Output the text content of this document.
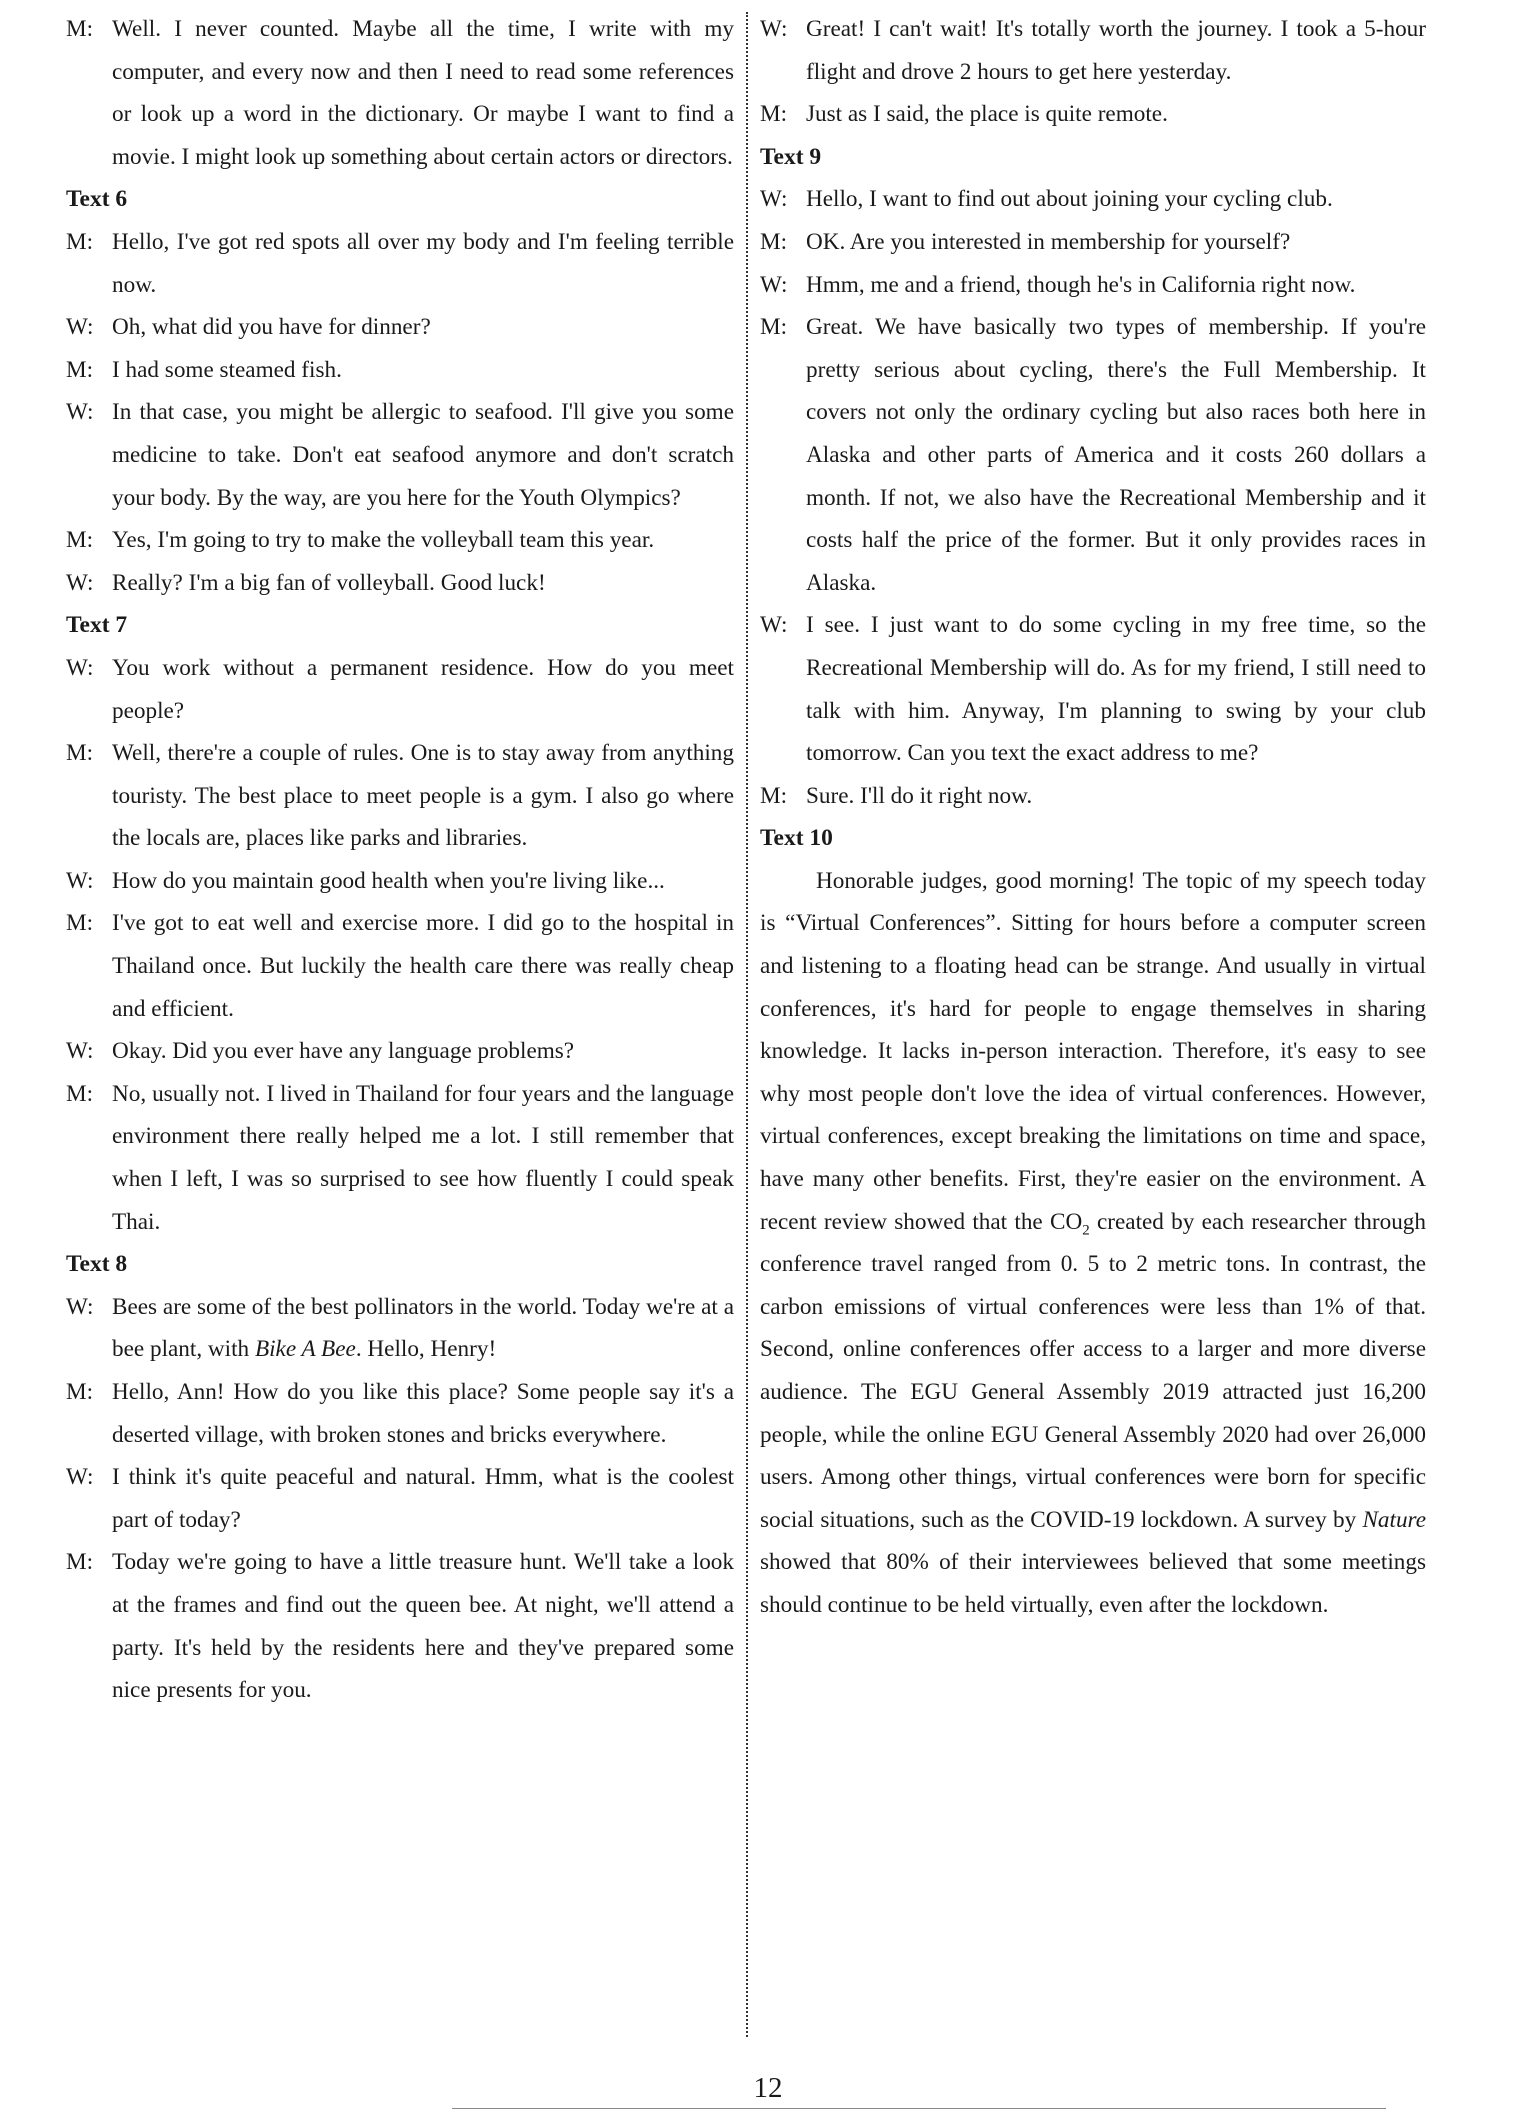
M: Well. I never counted. Maybe all the time, I write with my computer, and every now and then I need to read some references or look up a word in the dictionary. Or maybe I want to find a movie. I might look up something about certain actors or directors.
Text 6
M: Hello, I've got red spots all over my body and I'm feeling terrible now.
W: Oh, what did you have for dinner?
M: I had some steamed fish.
W: In that case, you might be allergic to seafood. I'll give you some medicine to take. Don't eat seafood anymore and don't scratch your body. By the way, are you here for the Youth Olympics?
M: Yes, I'm going to try to make the volleyball team this year.
W: Really? I'm a big fan of volleyball. Good luck!
Text 7
W: You work without a permanent residence. How do you meet people?
M: Well, there're a couple of rules. One is to stay away from anything touristy. The best place to meet people is a gym. I also go where the locals are, places like parks and libraries.
W: How do you maintain good health when you're living like...
M: I've got to eat well and exercise more. I did go to the hospital in Thailand once. But luckily the health care there was really cheap and efficient.
W: Okay. Did you ever have any language problems?
M: No, usually not. I lived in Thailand for four years and the language environment there really helped me a lot. I still remember that when I left, I was so surprised to see how fluently I could speak Thai.
Text 8
W: Bees are some of the best pollinators in the world. Today we're at a bee plant, with Bike A Bee. Hello, Henry!
M: Hello, Ann! How do you like this place? Some people say it's a deserted village, with broken stones and bricks everywhere.
W: I think it's quite peaceful and natural. Hmm, what is the coolest part of today?
M: Today we're going to have a little treasure hunt. We'll take a look at the frames and find out the queen bee. At night, we'll attend a party. It's held by the residents here and they've prepared some nice presents for you.
W: Great! I can't wait! It's totally worth the journey. I took a 5-hour flight and drove 2 hours to get here yesterday.
M: Just as I said, the place is quite remote.
Text 9
W: Hello, I want to find out about joining your cycling club.
M: OK. Are you interested in membership for yourself?
W: Hmm, me and a friend, though he's in California right now.
M: Great. We have basically two types of membership. If you're pretty serious about cycling, there's the Full Membership. It covers not only the ordinary cycling but also races both here in Alaska and other parts of America and it costs 260 dollars a month. If not, we also have the Recreational Membership and it costs half the price of the former. But it only provides races in Alaska.
W: I see. I just want to do some cycling in my free time, so the Recreational Membership will do. As for my friend, I still need to talk with him. Anyway, I'm planning to swing by your club tomorrow. Can you text the exact address to me?
M: Sure. I'll do it right now.
Text 10
Honorable judges, good morning! The topic of my speech today is “Virtual Conferences”. Sitting for hours before a computer screen and listening to a floating head can be strange. And usually in virtual conferences, it's hard for people to engage themselves in sharing knowledge. It lacks in-person interaction. Therefore, it's easy to see why most people don't love the idea of virtual conferences. However, virtual conferences, except breaking the limitations on time and space, have many other benefits. First, they're easier on the environment. A recent review showed that the $CO_2$ created by each researcher through conference travel ranged from 0. 5 to 2 metric tons. In contrast, the carbon emissions of virtual conferences were less than 1% of that. Second, online conferences offer access to a larger and more diverse audience. The EGU General Assembly 2019 attracted just 16,200 people, while the online EGU General Assembly 2020 had over 26,000 users. Among other things, virtual conferences were born for specific social situations, such as the COVID-19 lockdown. A survey by Nature showed that 80% of their interviewees believed that some meetings should continue to be held virtually, even after the lockdown.
12
